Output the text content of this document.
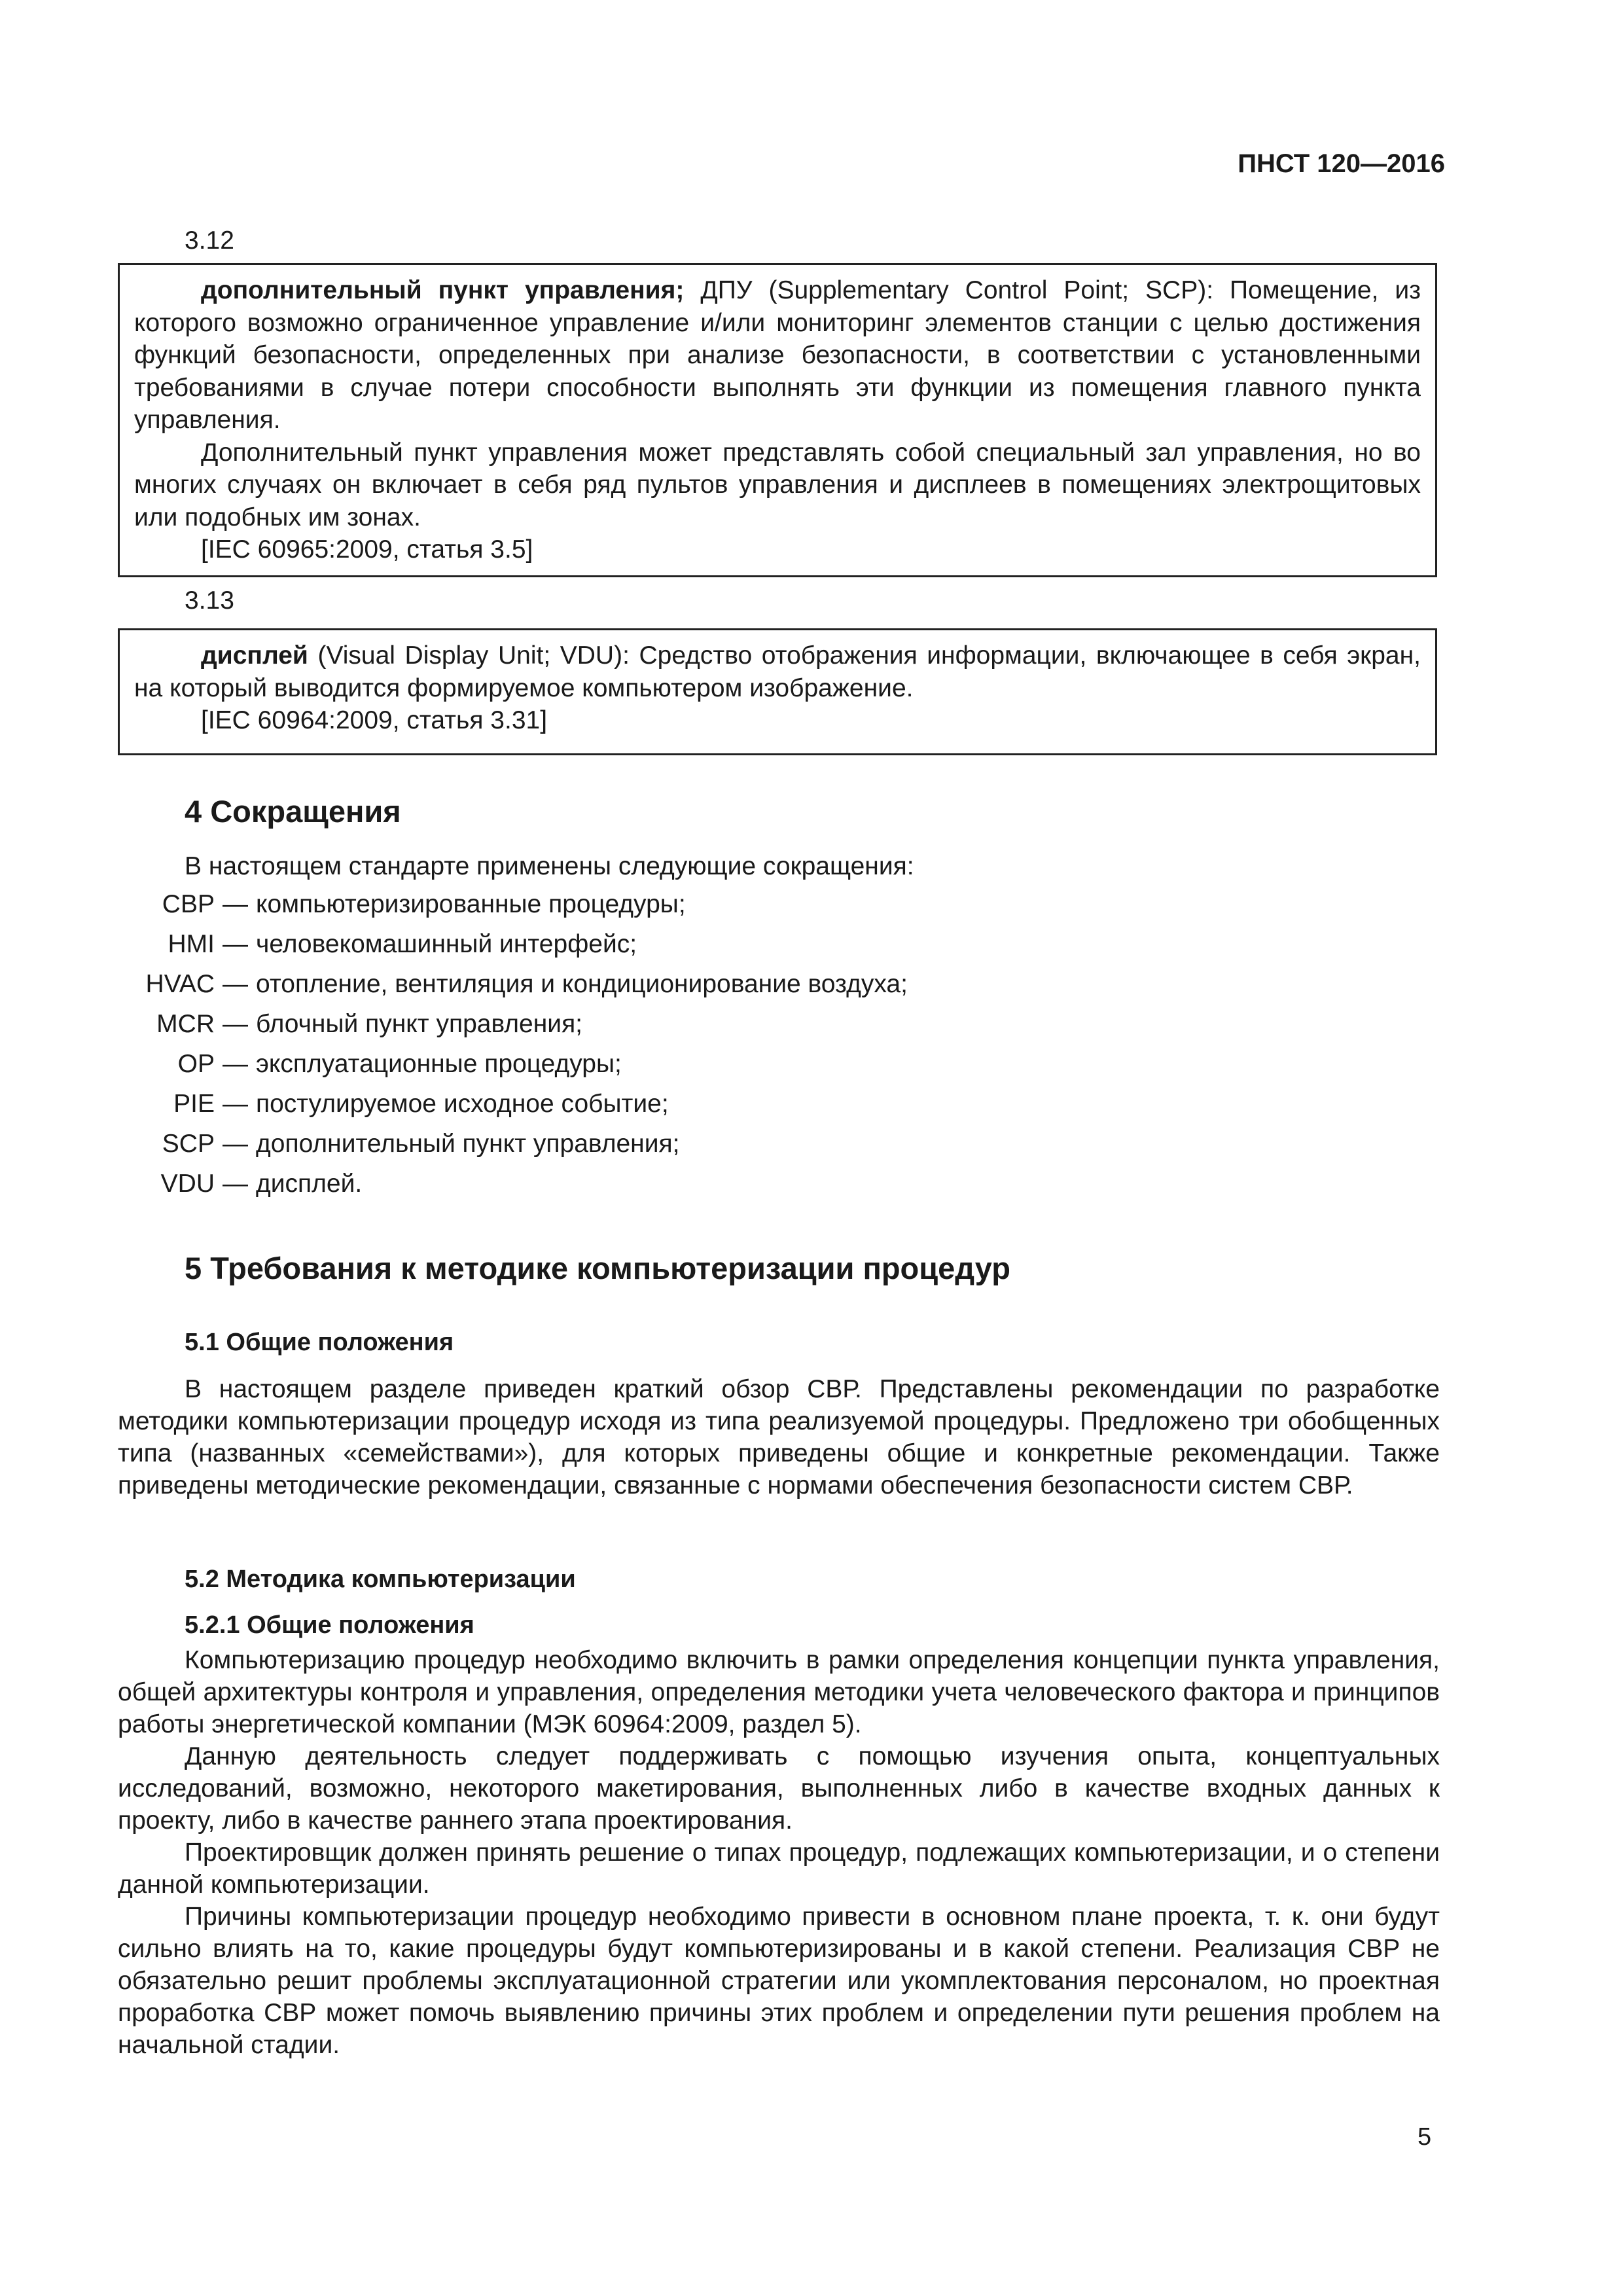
ПНСТ 120—2016
3.12

дополнительный пункт управления; ДПУ (Supplementary Control Point; SCP): Помещение, из которого возможно ограниченное управление и/или мониторинг элементов станции с целью достижения функций безопасности, определенных при анализе безопасности, в соответствии с установленными требованиями в случае потери способности выполнять эти функции из помещения главного пункта управления.

Дополнительный пункт управления может представлять собой специальный зал управления, но во многих случаях он включает в себя ряд пультов управления и дисплеев в помещениях электрощитовых или подобных им зонах.

[IEC 60965:2009, статья 3.5]

3.13

дисплей (Visual Display Unit; VDU): Средство отображения информации, включающее в себя экран, на который выводится формируемое компьютером изображение.

[IEC 60964:2009, статья 3.31]

4 Сокращения
В настоящем стандарте применены следующие сокращения:
CBP — компьютеризированные процедуры;
HMI — человекомашинный интерфейс;
HVAC — отопление, вентиляция и кондиционирование воздуха;
MCR — блочный пункт управления;
OP — эксплуатационные процедуры;
PIE — постулируемое исходное событие;
SCP — дополнительный пункт управления;
VDU — дисплей.
5 Требования к методике компьютеризации процедур
5.1 Общие положения

В настоящем разделе приведен краткий обзор СВР. Представлены рекомендации по разработке методики компьютеризации процедур исходя из типа реализуемой процедуры. Предложено три обобщенных типа (названных «семействами»), для которых приведены общие и конкретные рекомендации. Также приведены методические рекомендации, связанные с нормами обеспечения безопасности систем СВР.

5.2 Методика компьютеризации
5.2.1 Общие положения

Компьютеризацию процедур необходимо включить в рамки определения концепции пункта управления, общей архитектуры контроля и управления, определения методики учета человеческого фактора и принципов работы энергетической компании (МЭК 60964:2009, раздел 5).

Данную деятельность следует поддерживать с помощью изучения опыта, концептуальных исследований, возможно, некоторого макетирования, выполненных либо в качестве входных данных к проекту, либо в качестве раннего этапа проектирования.

Проектировщик должен принять решение о типах процедур, подлежащих компьютеризации, и о степени данной компьютеризации.

Причины компьютеризации процедур необходимо привести в основном плане проекта, т. к. они будут сильно влиять на то, какие процедуры будут компьютеризированы и в какой степени. Реализация СВР не обязательно решит проблемы эксплуатационной стратегии или укомплектования персоналом, но проектная проработка СВР может помочь выявлению причины этих проблем и определении пути решения проблем на начальной стадии.

5
